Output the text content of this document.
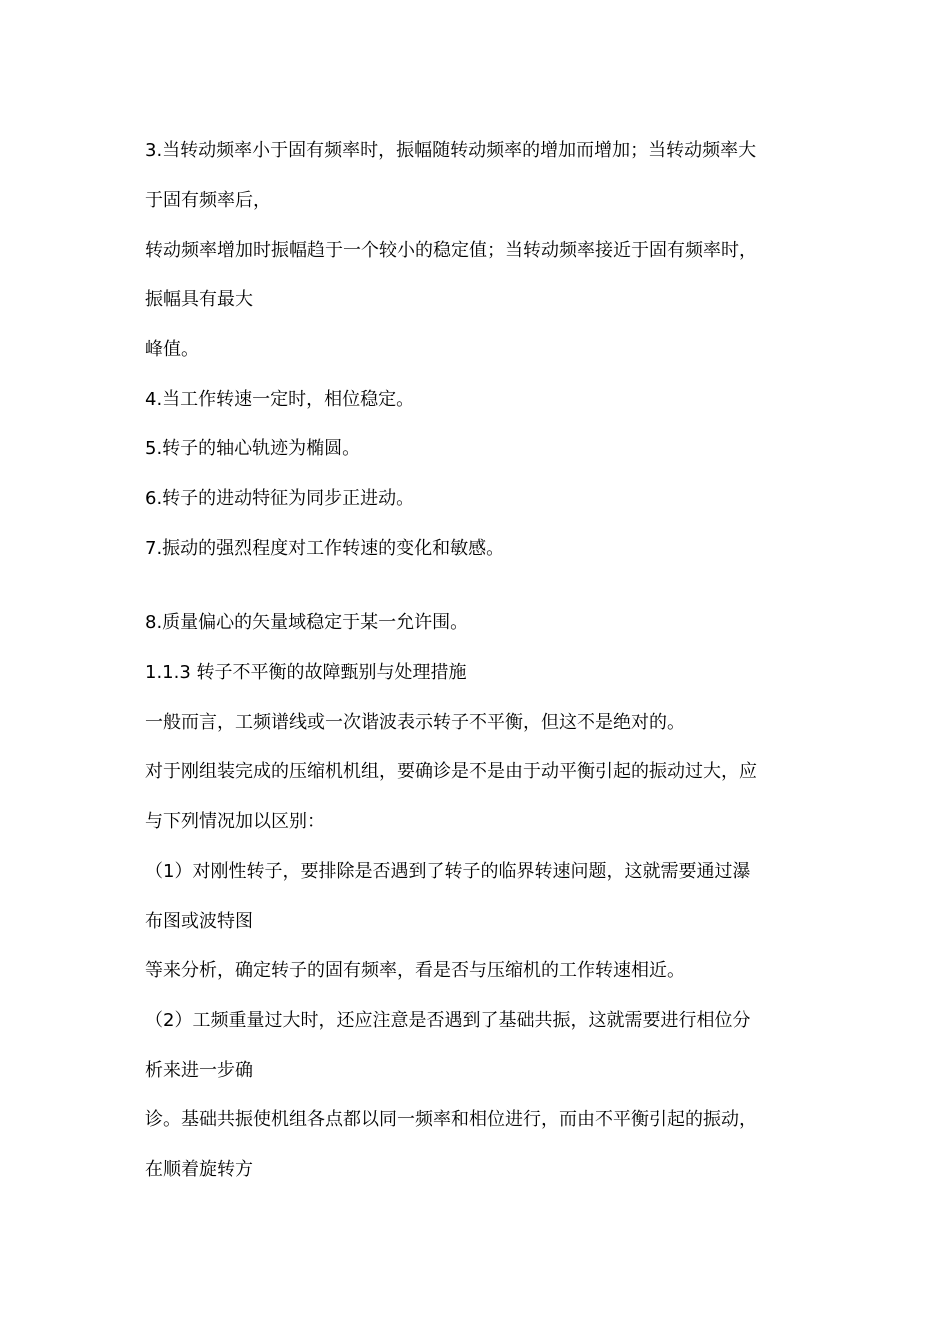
3.当转动频率小于固有频率时，振幅随转动频率的增加而增加；当转动频率大
于固有频率后，
转动频率增加时振幅趋于一个较小的稳定值；当转动频率接近于固有频率时，
振幅具有最大
峰值。
4.当工作转速一定时，相位稳定。
5.转子的轴心轨迹为椭圆。
6.转子的进动特征为同步正进动。
7.振动的强烈程度对工作转速的变化和敏感。
8.质量偏心的矢量域稳定于某一允许围。
1.1.3 转子不平衡的故障甄别与处理措施
一般而言，工频谱线或一次谐波表示转子不平衡，但这不是绝对的。
对于刚组装完成的压缩机机组，要确诊是不是由于动平衡引起的振动过大，应
与下列情况加以区别：
（1）对刚性转子，要排除是否遇到了转子的临界转速问题，这就需要通过瀑
布图或波特图
等来分析，确定转子的固有频率，看是否与压缩机的工作转速相近。
（2）工频重量过大时，还应注意是否遇到了基础共振，这就需要进行相位分
析来进一步确
诊。基础共振使机组各点都以同一频率和相位进行，而由不平衡引起的振动，
在顺着旋转方
